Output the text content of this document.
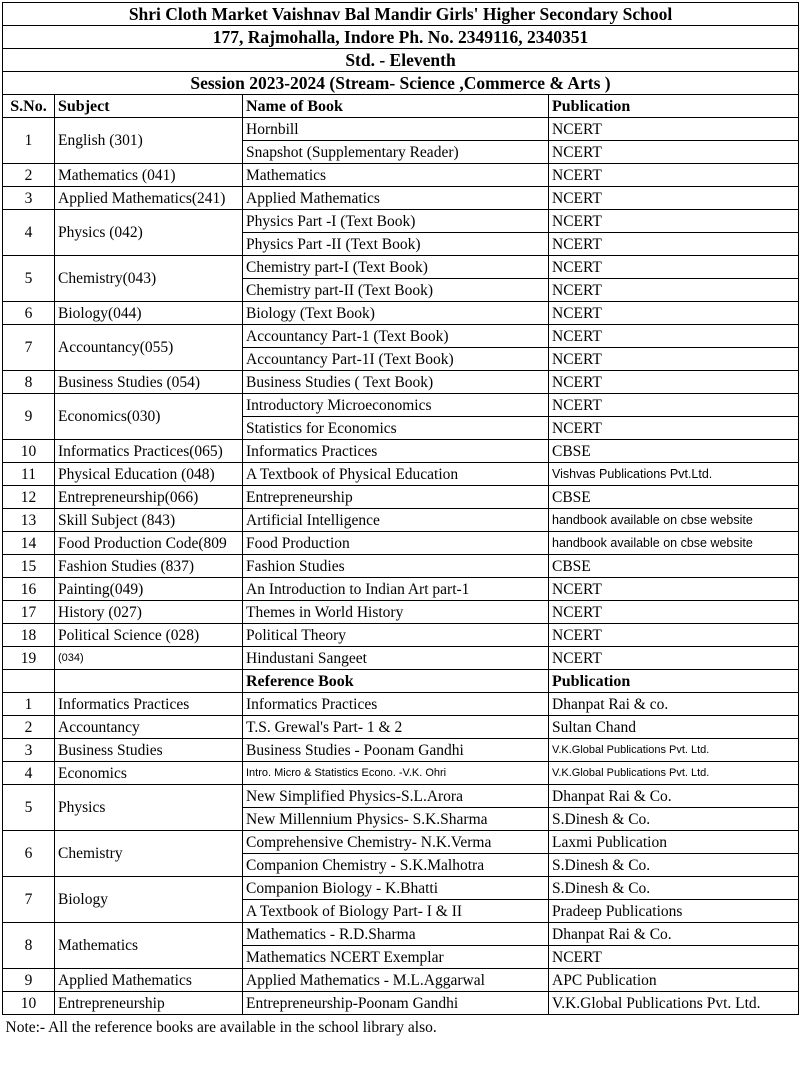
Shri Cloth Market Vaishnav Bal Mandir Girls' Higher Secondary School			
177, Rajmohalla, Indore Ph. No. 2349116, 2340351			
Std. - Eleventh			
Session 2023-2024 (Stream- Science ,Commerce & Arts )			
S.No.	Subject	Name of Book	Publication
1	English (301)	Hornbill	NCERT
		Snapshot (Supplementary Reader)	NCERT
2	Mathematics (041)	Mathematics	NCERT
3	Applied Mathematics(241)	Applied Mathematics	NCERT
4	Physics (042)	Physics Part -I (Text Book)	NCERT
		Physics Part -II (Text Book)	NCERT
5	Chemistry(043)	Chemistry part-I (Text Book)	NCERT
		Chemistry part-II (Text Book)	NCERT
6	Biology(044)	Biology (Text Book)	NCERT
7	Accountancy(055)	Accountancy Part-1 (Text Book)	NCERT
		Accountancy Part-1I (Text Book)	NCERT
8	Business Studies (054)	Business Studies ( Text Book)	NCERT
9	Economics(030)	Introductory Microeconomics	NCERT
		Statistics for Economics	NCERT
10	Informatics Practices(065)	Informatics Practices	CBSE
11	Physical Education (048)	A Textbook of Physical Education	Vishvas Publications Pvt.Ltd.
12	Entrepreneurship(066)	Entrepreneurship	CBSE
13	Skill Subject (843)	Artificial Intelligence	handbook available on cbse website
14	Food Production Code(809	Food Production	handbook available on cbse website
15	Fashion Studies (837)	Fashion Studies	CBSE
16	Painting(049)	An Introduction to Indian Art part-1	NCERT
17	History (027)	Themes in World History	NCERT
18	Political Science (028)	Political Theory	NCERT
19	(034)	Hindustani Sangeet	NCERT
		Reference Book	Publication
1	Informatics Practices	Informatics Practices	Dhanpat Rai & co.
2	Accountancy	T.S. Grewal's Part- 1 & 2	Sultan Chand
3	Business Studies	Business Studies - Poonam Gandhi	V.K.Global Publications Pvt. Ltd.
4	Economics	Intro. Micro & Statistics Econo. -V.K. Ohri	V.K.Global Publications Pvt. Ltd.
5	Physics	New Simplified Physics-S.L.Arora	Dhanpat Rai & Co.
		New Millennium Physics- S.K.Sharma	S.Dinesh & Co.
6	Chemistry	Comprehensive Chemistry- N.K.Verma	Laxmi Publication
		Companion Chemistry - S.K.Malhotra	S.Dinesh & Co.
7	Biology	Companion Biology - K.Bhatti	S.Dinesh & Co.
		A Textbook of Biology Part- I & II	Pradeep Publications
8	Mathematics	Mathematics - R.D.Sharma	Dhanpat Rai & Co.
		Mathematics NCERT Exemplar	NCERT
9	Applied Mathematics	Applied Mathematics - M.L.Aggarwal	APC Publication
10	Entrepreneurship	Entrepreneurship-Poonam Gandhi	V.K.Global Publications Pvt. Ltd.
Note:- All the reference books are available in the school library also.			
